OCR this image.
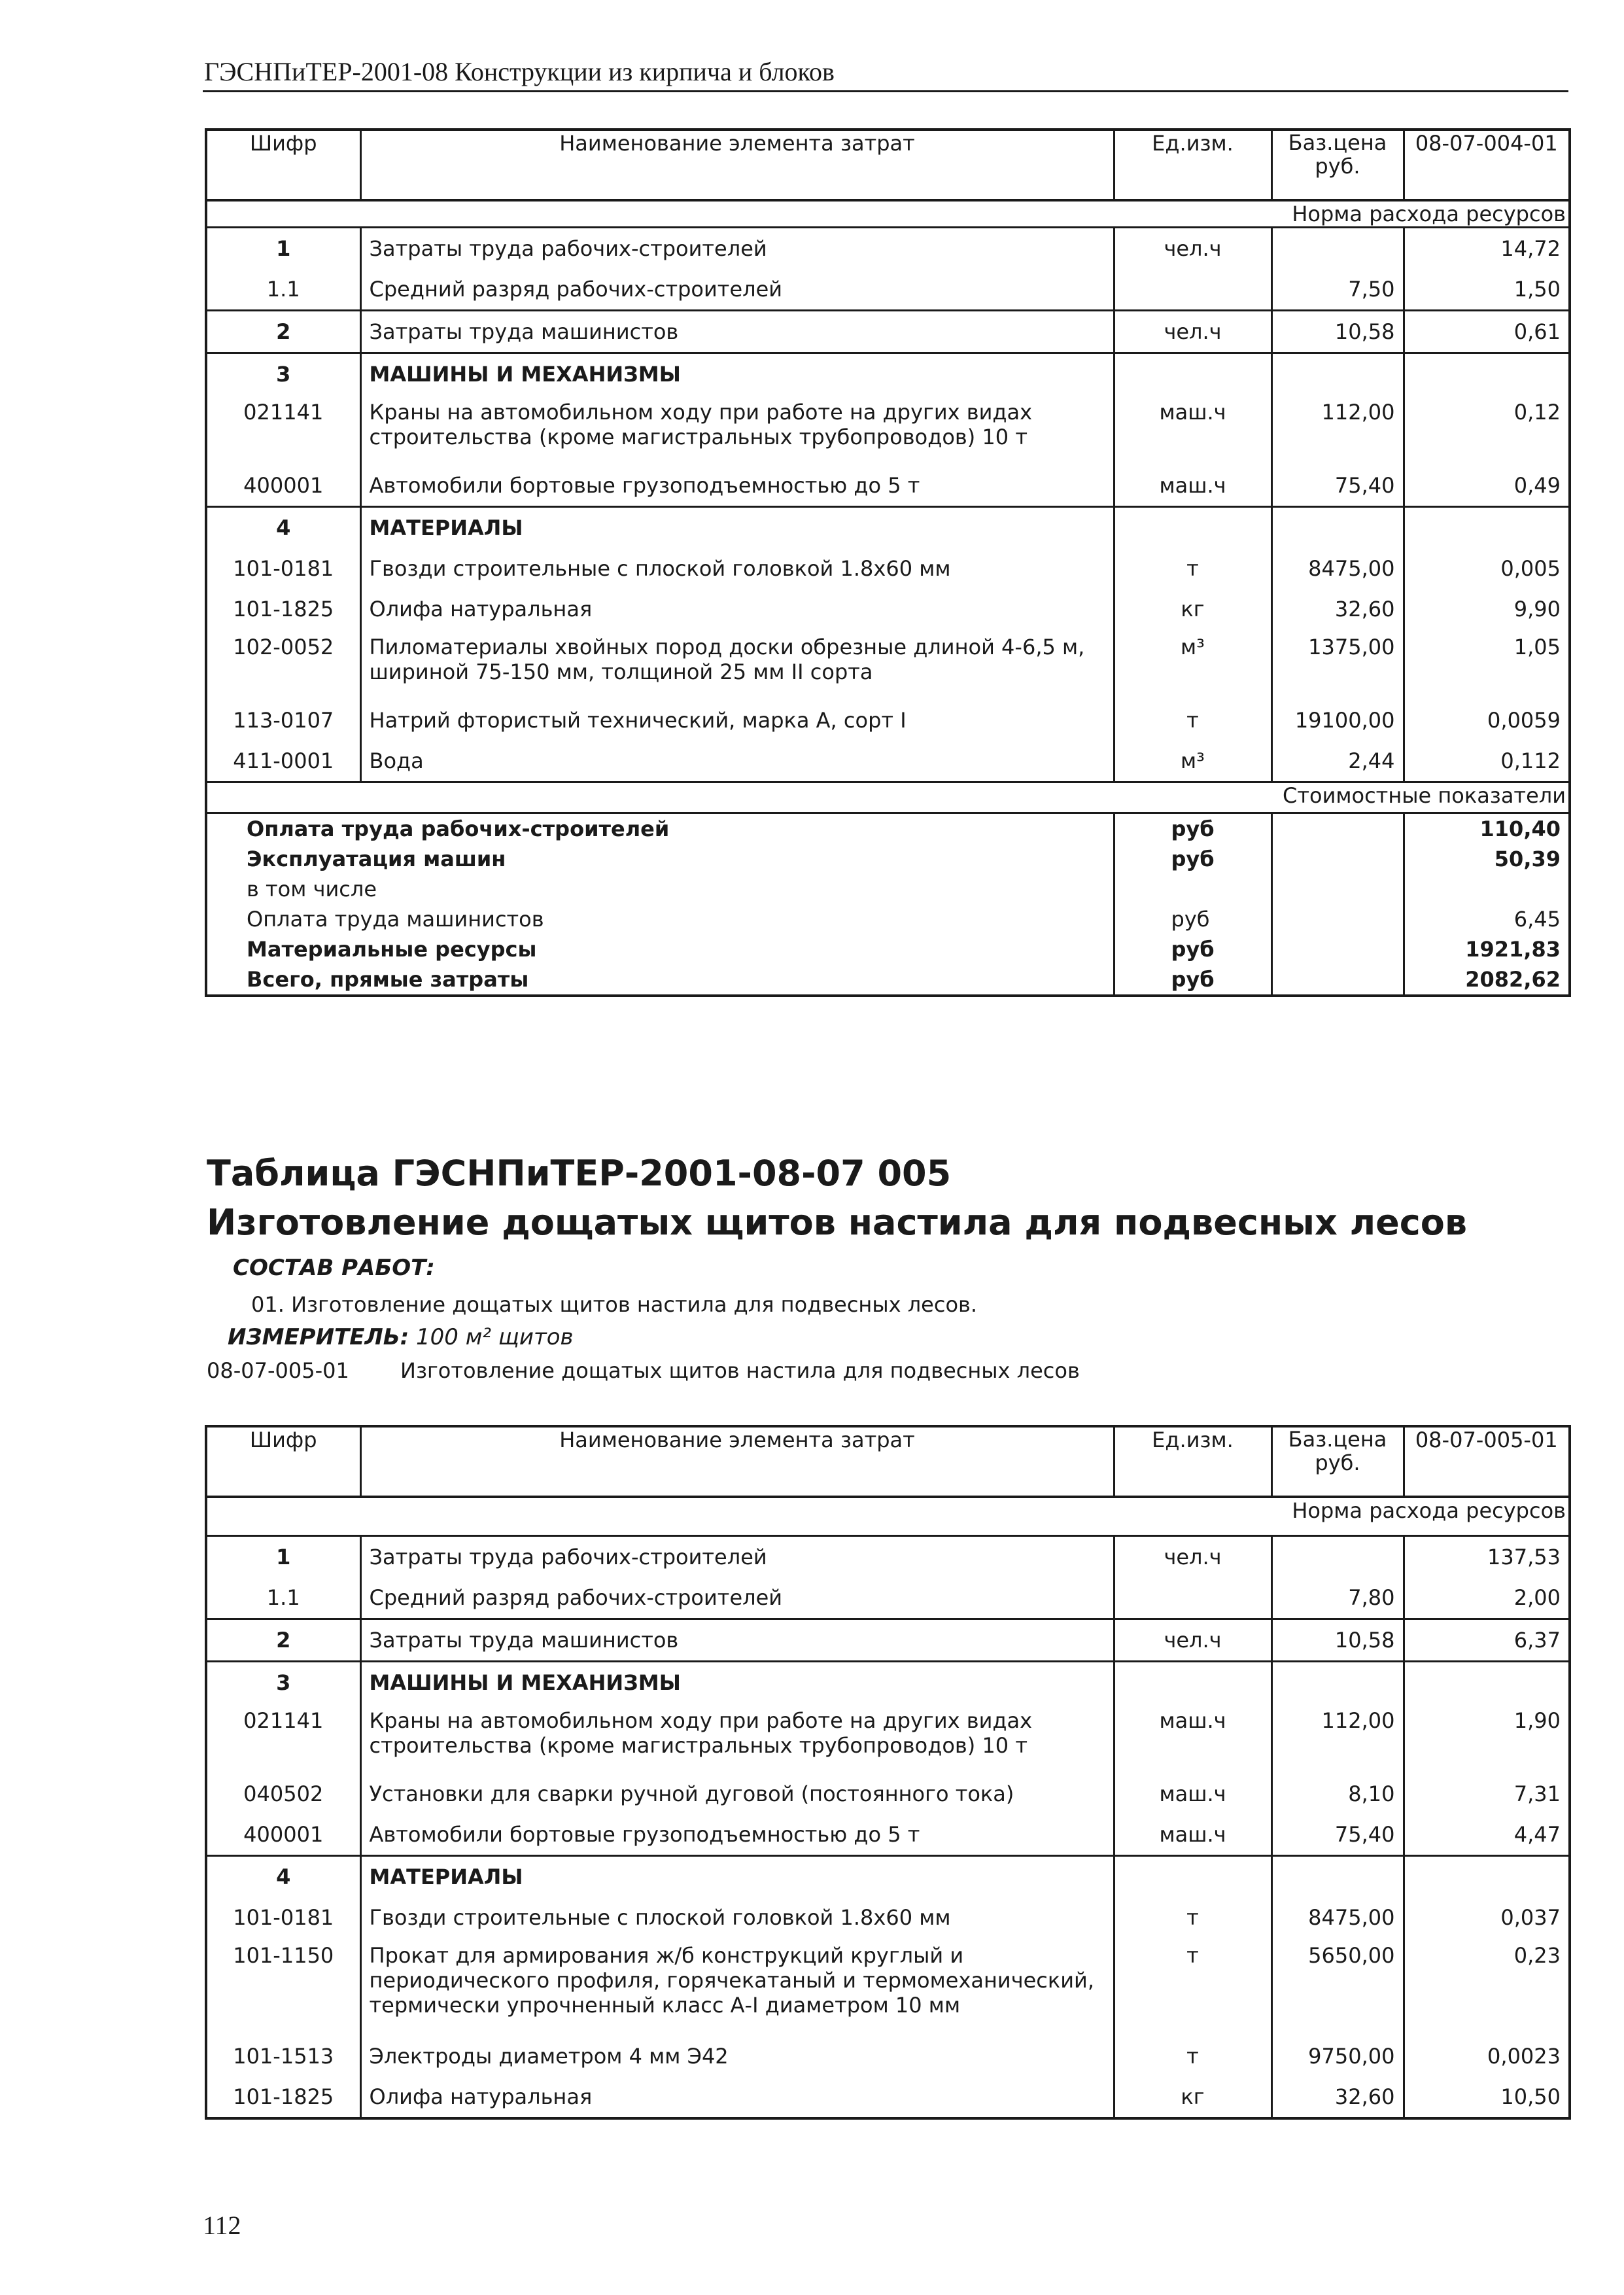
ГЭСНПиТЕР-2001-08 Конструкции из кирпича и блоков
Шифр	Наименование элемента затрат	Ед.изм.	Баз.цена руб.	08-07-004-01
Норма расхода ресурсов				
1	Затраты труда рабочих-строителей	чел.ч		14,72
1.1	Средний разряд рабочих-строителей		7,50	1,50
2	Затраты труда машинистов	чел.ч	10,58	0,61
3	МАШИНЫ И МЕХАНИЗМЫ			
021141	Краны на автомобильном ходу при работе на других видах строительства (кроме магистральных трубопроводов) 10 т	маш.ч	112,00	0,12
400001	Автомобили бортовые грузоподъемностью до 5 т	маш.ч	75,40	0,49
4	МАТЕРИАЛЫ			
101-0181	Гвозди строительные с плоской головкой 1.8х60 мм	т	8475,00	0,005
101-1825	Олифа натуральная	кг	32,60	9,90
102-0052	Пиломатериалы хвойных пород доски обрезные длиной 4-6,5 м, шириной 75-150 мм, толщиной 25 мм II сорта	м³	1375,00	1,05
113-0107	Натрий фтористый технический, марка А, сорт I	т	19100,00	0,0059
411-0001	Вода	м³	2,44	0,112
Стоимостные показатели				
Оплата труда рабочих-строителей		руб		110,40
Эксплуатация машин		руб		50,39
в том числе				
Оплата труда машинистов		руб		6,45
Материальные ресурсы		руб		1921,83
Всего, прямые затраты		руб		2082,62
Таблица ГЭСНПиТЕР-2001-08-07 005
Изготовление дощатых щитов настила для подвесных лесов
СОСТАВ РАБОТ:
01. Изготовление дощатых щитов настила для подвесных лесов.
ИЗМЕРИТЕЛЬ: 100 м² щитов
08-07-005-01 Изготовление дощатых щитов настила для подвесных лесов
Шифр	Наименование элемента затрат	Ед.изм.	Баз.цена руб.	08-07-005-01
Норма расхода ресурсов				
1	Затраты труда рабочих-строителей	чел.ч		137,53
1.1	Средний разряд рабочих-строителей		7,80	2,00
2	Затраты труда машинистов	чел.ч	10,58	6,37
3	МАШИНЫ И МЕХАНИЗМЫ			
021141	Краны на автомобильном ходу при работе на других видах строительства (кроме магистральных трубопроводов) 10 т	маш.ч	112,00	1,90
040502	Установки для сварки ручной дуговой (постоянного тока)	маш.ч	8,10	7,31
400001	Автомобили бортовые грузоподъемностью до 5 т	маш.ч	75,40	4,47
4	МАТЕРИАЛЫ			
101-0181	Гвозди строительные с плоской головкой 1.8х60 мм	т	8475,00	0,037
101-1150	Прокат для армирования ж/б конструкций круглый и периодического профиля, горячекатаный и термомеханический, термически упрочненный класс А-I диаметром 10 мм	т	5650,00	0,23
101-1513	Электроды диаметром 4 мм Э42	т	9750,00	0,0023
101-1825	Олифа натуральная	кг	32,60	10,50
112
